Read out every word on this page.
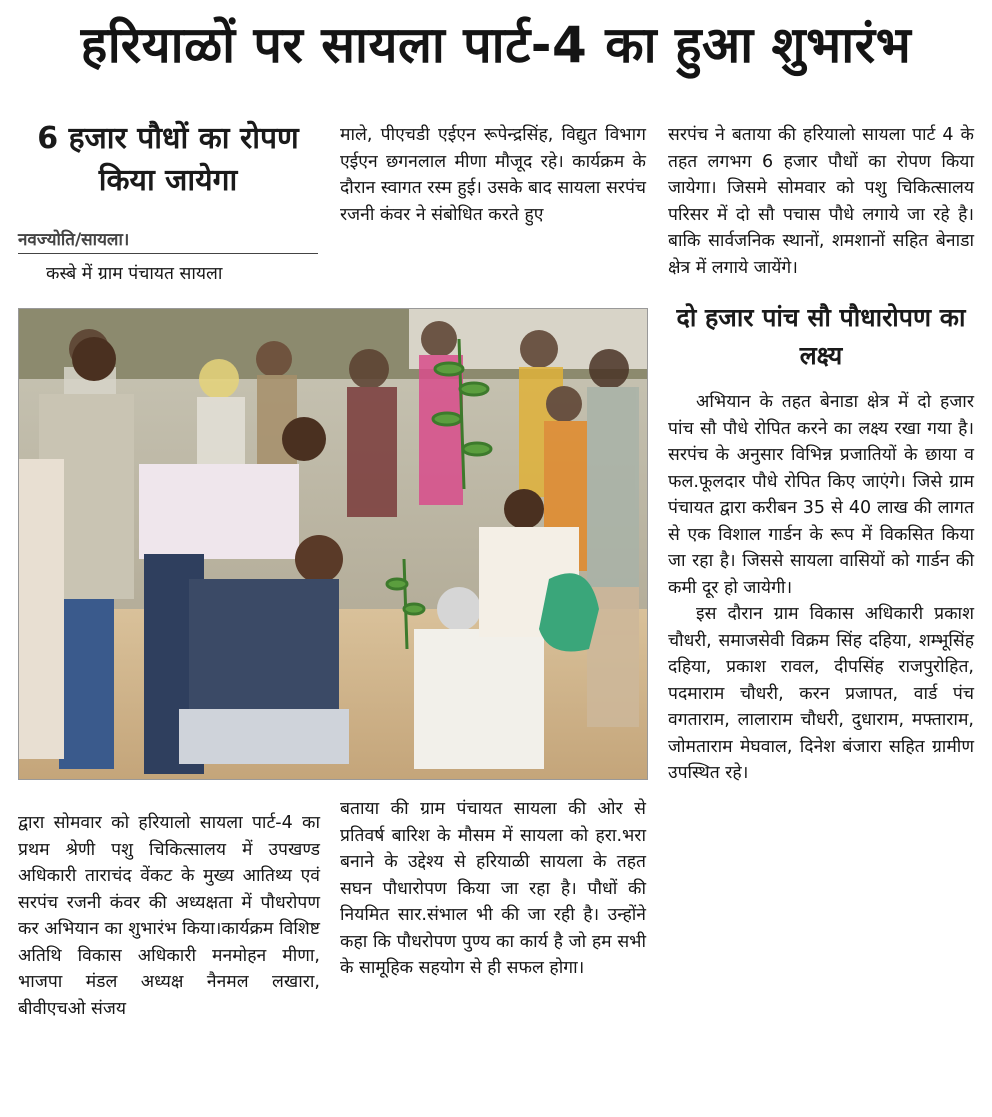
हरियाळों पर सायला पार्ट-4 का हुआ शुभारंभ
6 हजार पौधों का रोपण किया जायेगा
नवज्योति/सायला।

कस्बे में ग्राम पंचायत सायला

माले, पीएचडी एईएन रूपेन्द्रसिंह, विद्युत विभाग एईएन छगनलाल मीणा मौजूद रहे। कार्यक्रम के दौरान स्वागत रस्म हुई। उसके बाद सायला सरपंच रजनी कंवर ने संबोधित करते हुए

सरपंच ने बताया की हरियालो सायला पार्ट 4 के तहत लगभग 6 हजार पौधों का रोपण किया जायेगा। जिसमे सोमवार को पशु चिकित्सालय परिसर में दो सौ पचास पौधे लगाये जा रहे है। बाकि सार्वजनिक स्थानों, शमशानों सहित बेनाडा क्षेत्र में लगाये जायेंगे।

दो हजार पांच सौ पौधारोपण का लक्ष्य

अभियान के तहत बेनाडा क्षेत्र में दो हजार पांच सौ पौधे रोपित करने का लक्ष्य रखा गया है। सरपंच के अनुसार विभिन्न प्रजातियों के छाया व फल.फूलदार पौधे रोपित किए जाएंगे। जिसे ग्राम पंचायत द्वारा करीबन 35 से 40 लाख की लागत से एक विशाल गार्डन के रूप में विकसित किया जा रहा है। जिससे सायला वासियों को गार्डन की कमी दूर हो जायेगी।

इस दौरान ग्राम विकास अधिकारी प्रकाश चौधरी, समाजसेवी विक्रम सिंह दहिया, शम्भूसिंह दहिया, प्रकाश रावल, दीपसिंह राजपुरोहित, पदमाराम चौधरी, करन प्रजापत, वार्ड पंच वगताराम, लालाराम चौधरी, दुधाराम, मफ्ताराम, जोमताराम मेघवाल, दिनेश बंजारा सहित ग्रामीण उपस्थित रहे।

द्वारा सोमवार को हरियालो सायला पार्ट-4 का प्रथम श्रेणी पशु चिकित्सालय में उपखण्ड अधिकारी ताराचंद वेंकट के मुख्य आतिथ्य एवं सरपंच रजनी कंवर की अध्यक्षता में पौधरोपण कर अभियान का शुभारंभ किया।कार्यक्रम विशिष्ट अतिथि विकास अधिकारी मनमोहन मीणा, भाजपा मंडल अध्यक्ष नैनमल लखारा, बीवीएचओ संजय

बताया की ग्राम पंचायत सायला की ओर से प्रतिवर्ष बारिश के मौसम में सायला को हरा.भरा बनाने के उद्देश्य से हरियाळी सायला के तहत सघन पौधारोपण किया जा रहा है। पौधों की नियमित सार.संभाल भी की जा रही है। उन्होंने कहा कि पौधरोपण पुण्य का कार्य है जो हम सभी के सामूहिक सहयोग से ही सफल होगा।
